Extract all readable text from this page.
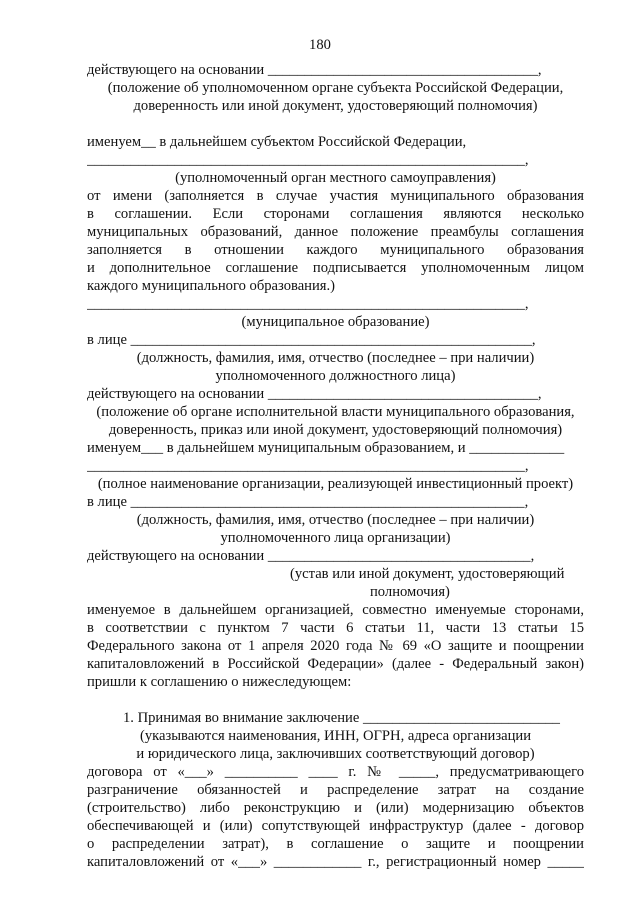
180
действующего на основании _____________________________________,
(положение об уполномоченном органе субъекта Российской Федерации,
доверенность или иной документ, удостоверяющий полномочия)
именуем__ в дальнейшем субъектом Российской Федерации,
____________________________________________________________,
(уполномоченный орган местного самоуправления)
от имени (заполняется в случае участия муниципального образования
в соглашении. Если сторонами соглашения являются несколько
муниципальных образований, данное положение преамбулы соглашения
заполняется в отношении каждого муниципального образования
и дополнительное соглашение подписывается уполномоченным лицом
каждого муниципального образования.)
____________________________________________________________,
(муниципальное образование)
в лице _______________________________________________________,
(должность, фамилия, имя, отчество (последнее – при наличии)
уполномоченного должностного лица)
действующего на основании _____________________________________,
(положение об органе исполнительной власти муниципального образования,
доверенность, приказ или иной документ, удостоверяющий полномочия)
именуем___ в дальнейшем муниципальным образованием, и _____________
____________________________________________________________,
(полное наименование организации, реализующей инвестиционный проект)
в лице ______________________________________________________,
(должность, фамилия, имя, отчество (последнее – при наличии)
уполномоченного лица организации)
действующего на основании ____________________________________,
(устав или иной документ, удостоверяющий
полномочия)
именуемое в дальнейшем организацией, совместно именуемые сторонами,
в соответствии с пунктом 7 части 6 статьи 11, части 13 статьи 15
Федерального закона от 1 апреля 2020 года № 69 «О защите и поощрении
капиталовложений в Российской Федерации» (далее - Федеральный закон)
пришли к соглашению о нижеследующем:
1. Принимая во внимание заключение ___________________________
(указываются наименования, ИНН, ОГРН, адреса организации
и юридического лица, заключивших соответствующий договор)
договора от «___» __________ ____ г. № _____, предусматривающего
разграничение обязанностей и распределение затрат на создание
(строительство) либо реконструкцию и (или) модернизацию объектов
обеспечивающей и (или) сопутствующей инфраструктур (далее - договор
о распределении затрат), в соглашение о защите и поощрении
капиталовложений от «___» ____________ г., регистрационный номер _____
